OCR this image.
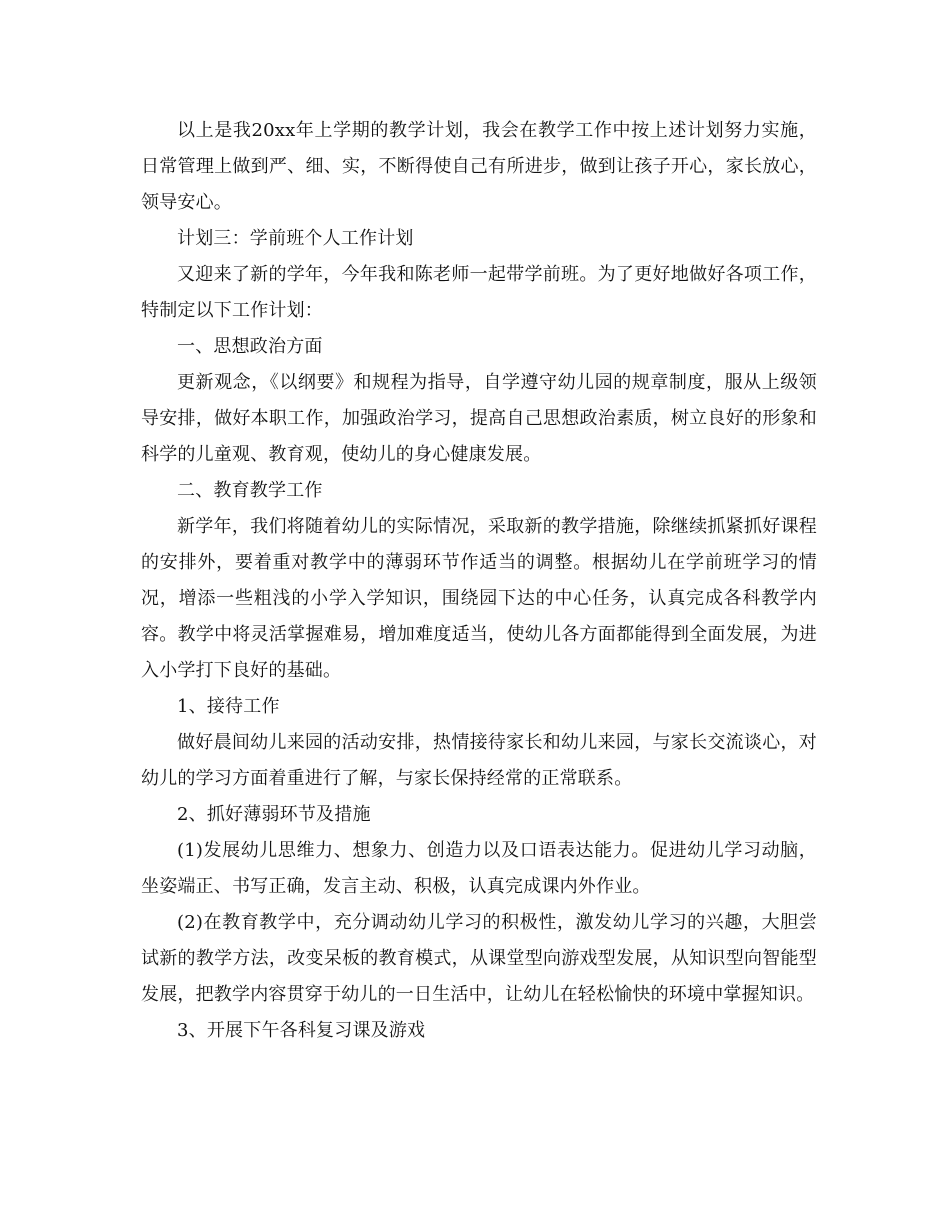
以上是我20xx年上学期的教学计划，我会在教学工作中按上述计划努力实施，日常管理上做到严、细、实，不断得使自己有所进步，做到让孩子开心，家长放心，领导安心。

计划三：学前班个人工作计划

又迎来了新的学年，今年我和陈老师一起带学前班。为了更好地做好各项工作，特制定以下工作计划：

一、思想政治方面

更新观念，《以纲要》和规程为指导，自学遵守幼儿园的规章制度，服从上级领导安排，做好本职工作，加强政治学习，提高自己思想政治素质，树立良好的形象和科学的儿童观、教育观，使幼儿的身心健康发展。

二、教育教学工作

新学年，我们将随着幼儿的实际情况，采取新的教学措施，除继续抓紧抓好课程的安排外，要着重对教学中的薄弱环节作适当的调整。根据幼儿在学前班学习的情况，增添一些粗浅的小学入学知识，围绕园下达的中心任务，认真完成各科教学内容。教学中将灵活掌握难易，增加难度适当，使幼儿各方面都能得到全面发展，为进入小学打下良好的基础。

1、接待工作

做好晨间幼儿来园的活动安排，热情接待家长和幼儿来园，与家长交流谈心，对幼儿的学习方面着重进行了解，与家长保持经常的正常联系。

2、抓好薄弱环节及措施

(1)发展幼儿思维力、想象力、创造力以及口语表达能力。促进幼儿学习动脑，坐姿端正、书写正确，发言主动、积极，认真完成课内外作业。

(2)在教育教学中，充分调动幼儿学习的积极性，激发幼儿学习的兴趣，大胆尝试新的教学方法，改变呆板的教育模式，从课堂型向游戏型发展，从知识型向智能型发展，把教学内容贯穿于幼儿的一日生活中，让幼儿在轻松愉快的环境中掌握知识。

3、开展下午各科复习课及游戏
